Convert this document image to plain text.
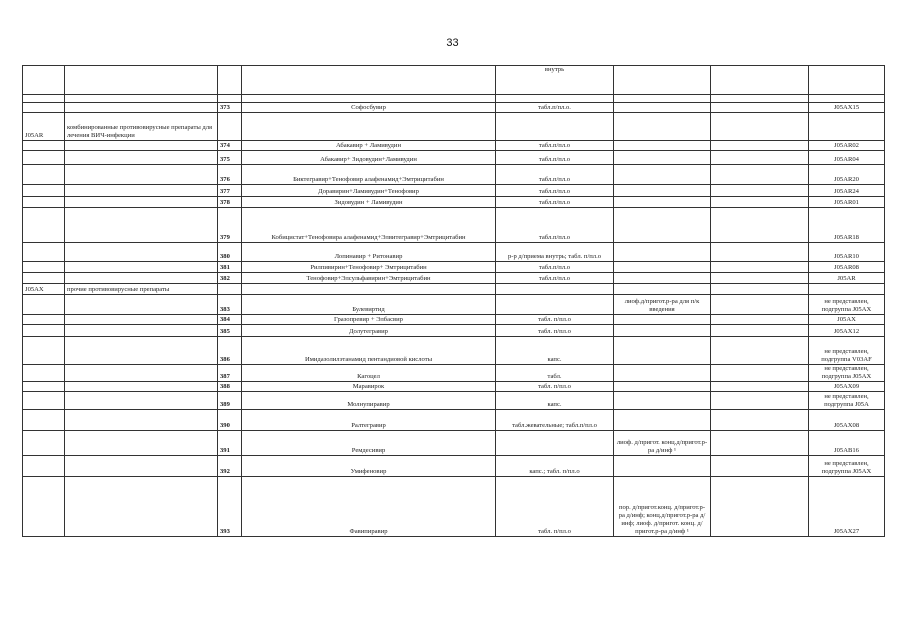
33
				внутрь			

		373	Софосбувир	табл.п/пл.о.			J05AX15
J05AR	комбинированные противовирусные препараты для лечения ВИЧ-инфекции						
		374	Абакавир + Ламивудин	табл.п/пл.о			J05AR02
		375	Абакавир+ Зидовудин+Ламивудин	табл.п/пл.о			J05AR04
		376	Биктегравир+Тенофовир алафенамид+Эмтрицитабин	табл.п/пл.о			J05AR20
		377	Доравирин+Ламивудин+Тенофовир	табл.п/пл.о			J05AR24
		378	Зидовудин + Ламивудин	табл.п/пл.о			J05AR01
		379	Кобицистат+Тенофовира алафенамид+Элвитегравир+Эмтрицитабин	табл.п/пл.о			J05AR18
		380	Лопинавир + Ритонавир	р-р д/приема внутрь; табл. п/пл.о			J05AR10
		381	Рилпивирин+Тенофовир+ Эмтрицитабин	табл.п/пл.о			J05AR08
		382	Тенофовир+Элсульфавирин+Эмтрицитабин	табл.п/пл.о			J05AR
J05AX	прочие противовирусные препараты						
		383	Булевиртид		лиоф.д/пригот.р-ра для п/к введения		не представлен, подгруппа J05AX
		384	Гразопревир + Элбасвир	табл. п/пл.о			J05AX
		385	Долутегравир	табл. п/пл.о			J05AX12
		386	Имидазолилэтанамид пентандиовой кислоты	капс.			не представлен, подгруппа V03AF
		387	Кагоцел	табл.			не представлен, подгруппа J05AX
		388	Маравирок	табл. п/пл.о			J05AX09
		389	Молнупиравир	капс.			не представлен, подгруппа J05A
		390	Ралтегравир	табл.жевательные; табл.п/пл.о			J05AX08
		391	Ремдесивир		лиоф. д/пригот. конц.д/пригот.р-ра д/инф ¹		J05AB16
		392	Умифеновир	капс.; табл. п/пл.о			не представлен, подгруппа J05AX
		393	Фавипиравир	табл. п/пл.о	пор. д/пригот.конц. д/пригот.р-ра д/инф; конц.д/пригот.р-ра д/инф; лиоф. д/пригот. конц. д/пригот.р-ра д/инф ¹		J05AX27
